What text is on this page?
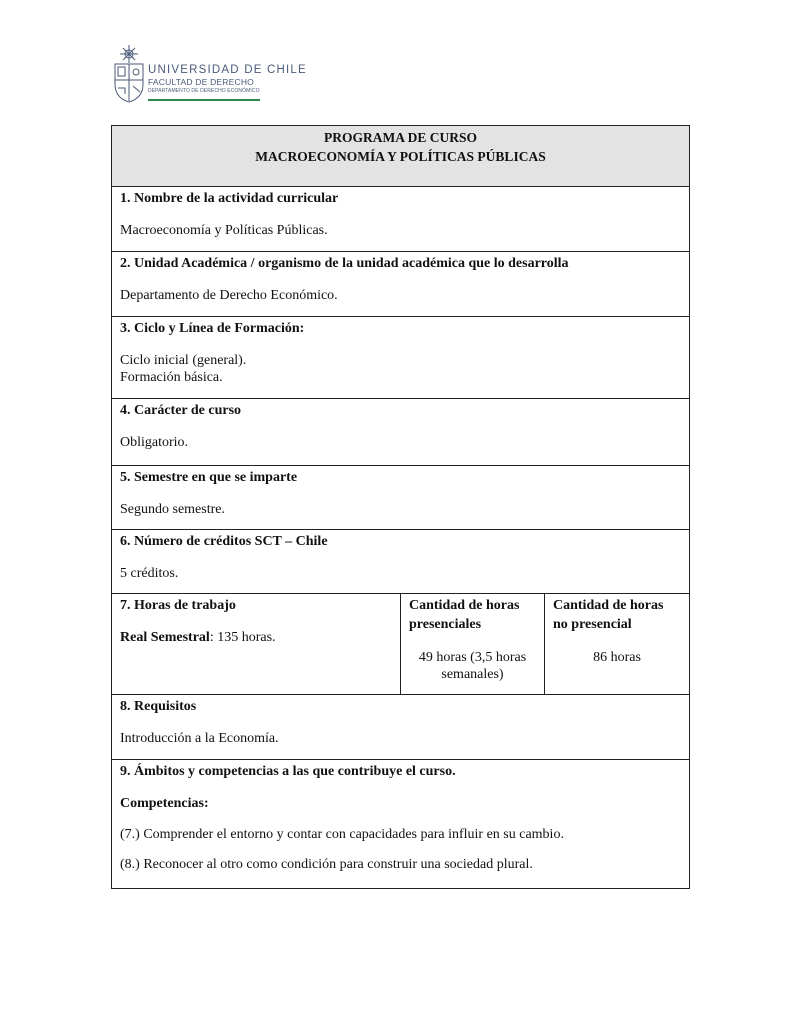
UNIVERSIDAD DE CHILE
FACULTAD DE DERECHO
DEPARTAMENTO DE DERECHO ECONÓMICO
PROGRAMA DE CURSO
MACROECONOMÍA Y POLÍTICAS PÚBLICAS

1. Nombre de la actividad curricular
Macroeconomía y Políticas Públicas.

2. Unidad Académica / organismo de la unidad académica que lo desarrolla
Departamento de Derecho Económico.

3. Ciclo y Línea de Formación:
Ciclo inicial (general).
Formación básica.

4. Carácter de curso
Obligatorio.

5. Semestre en que se imparte
Segundo semestre.

6. Número de créditos SCT – Chile
5 créditos.

7. Horas de trabajo
Real Semestral: 135 horas.

Cantidad de horas presenciales
49 horas (3,5 horas semanales)

Cantidad de horas no presencial
86 horas

8. Requisitos
Introducción a la Economía.

9. Ámbitos y competencias a las que contribuye el curso.
Competencias:
(7.) Comprender el entorno y contar con capacidades para influir en su cambio.
(8.) Reconocer al otro como condición para construir una sociedad plural.
